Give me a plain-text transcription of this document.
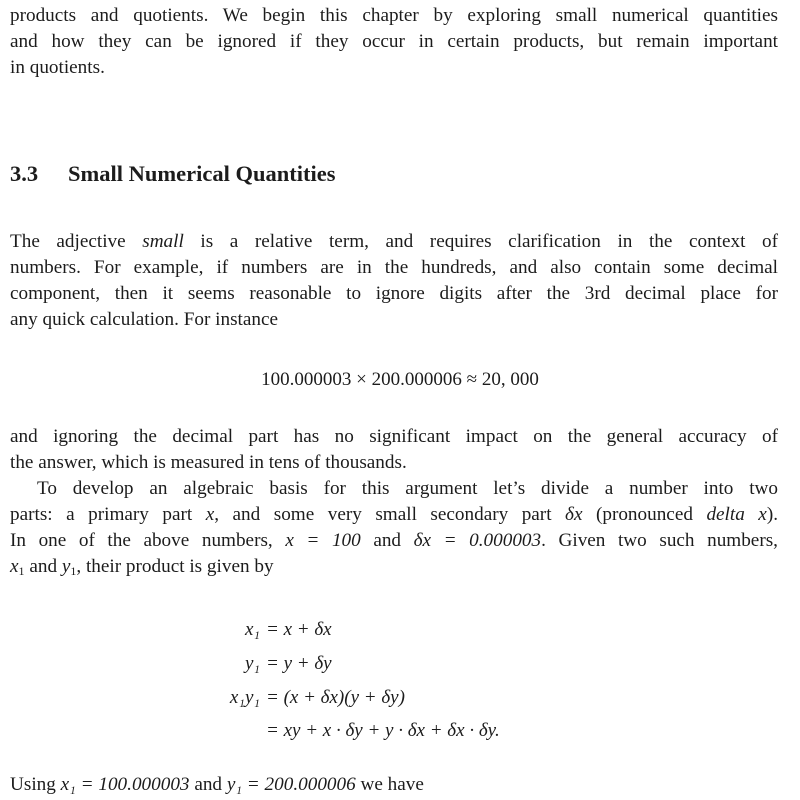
products and quotients. We begin this chapter by exploring small numerical quantities
and how they can be ignored if they occur in certain products, but remain important
in quotients.
3.3 Small Numerical Quantities
The adjective small is a relative term, and requires clarification in the context of
numbers. For example, if numbers are in the hundreds, and also contain some decimal
component, then it seems reasonable to ignore digits after the 3rd decimal place for
any quick calculation. For instance
100.000003 × 200.000006 ≈ 20, 000
and ignoring the decimal part has no significant impact on the general accuracy of
the answer, which is measured in tens of thousands.
To develop an algebraic basis for this argument let’s divide a number into two
parts: a primary part x, and some very small secondary part δx (pronounced delta x).
In one of the above numbers, x = 100 and δx = 0.000003. Given two such numbers,
$x_1$ and $y_1$, their product is given by
x₁ = x + δx
y₁ = y + δy
x₁y₁ = (x + δx)(y + δy)
= xy + x · δy + y · δx + δx · δy.
Using x₁ = 100.000003 and y₁ = 200.000006 we have
